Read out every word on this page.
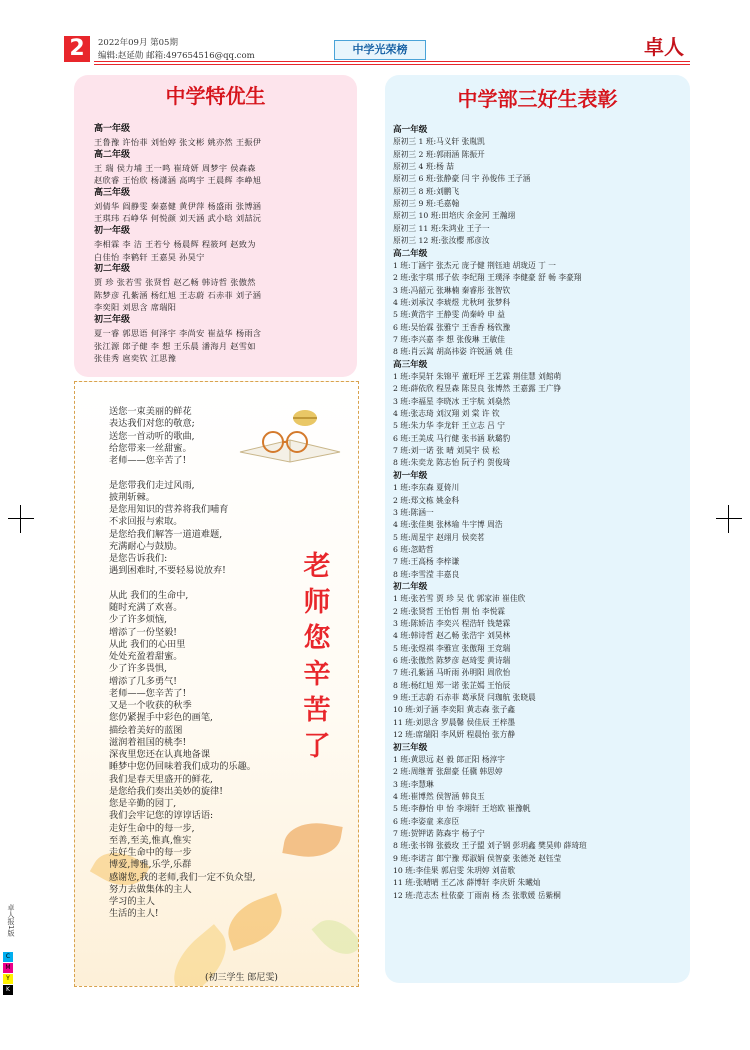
2	2022年09月 第05期
编辑:赵延勋 邮箱:497654516@qq.com	中学光荣榜	卓人
中学特优生
高一年级
王鲁豫 许怡菲 刘怡婷 张文彬 姚亦然 王振伊
高二年级
王 瑞 侯力埔 王一鸣 崔琦妍 周梦宇 侯森森
赵欣睿 王怡欣 杨潇涵 高鸣宇 王晨辉 李峥旭
高三年级
刘倩华 阎静雯 秦嘉健 黄伊萍 杨盛雨 张博涵
王琪玮 石峥华 何悦颜 刘天涵 武小晗 刘喆沅
初一年级
李相霖 李 洁 王若兮 杨晨辉 程筱珂 赵致为
白佳怡 李鹤轩 王嘉昊 孙昊宁
初二年级
贾 珍 张若雪 张贤哲 赵乙畅 韩诗哲 张傲然
陈梦彦 孔紫涵 杨红旭 王志蔚 石赤菲 刘子涵
李奕阳 刘思含 席瑞阳
初三年级
夏一睿 郭思语 何泽宇 李尚安 崔益华 杨雨含
张江源 郎子健 李 想 王乐晨 潘海月 赵雪如
张佳秀 扈奕钦 江思豫
送您一束美丽的鲜花
表达我们对您的敬意;
送您一首动听的歌曲,
给您带来一丝甜蜜。
老师——您辛苦了!
是您带我们走过风雨,
披荆斩棘。
是您用知识的营养将我们哺育
不求回报与索取。
是您给我们解答一道道难题,
充满耐心与鼓励。
是您告诉我们:
遇到困难时,不要轻易说放弃!
从此 我们的生命中,
随时充满了欢喜。
少了许多烦恼,
增添了一份坚毅!
从此 我们的心田里
处处充盈着甜蜜。
少了许多畏惧,
增添了几多勇气!
老师——您辛苦了!
又是一个收获的秋季
您仍紧握手中彩色的画笔,
描绘着美好的蓝图
滋润着祖国的桃李!
深夜里您还在认真地备课
睡梦中您仍回味着我们成功的乐趣。
我们是春天里盛开的鲜花,
是您给我们奏出美妙的旋律!
您是辛勤的园丁,
我们会牢记您的谆谆话语:
走好生命中的每一步,
至善,至美,惟真,惟实
走好生命中的每一步
博爱,博雅,乐学,乐群
感谢您,我的老师,我们一定不负众望,
努力去做集体的主人
学习的主人
生活的主人!
老
师
您
辛
苦
了
(初三学生 郎尼雯)
中学部三好生表彰
高一年级
原初三 1 班:马义轩 张胤凯
原初三 2 班:郭雨涵 陈振开
原初三 4 班:杨 喆
原初三 6 班:张静豪 闫 宇 孙俊伟 王子涵
原初三 8 班:刘鹏飞
原初三 9 班:毛嘉翰
原初三 10 班:田培庆 余金河 王瀚翊
原初三 11 班:朱鸿业 王子一
原初三 12 班:张汝樱 邢彦汝
高二年级
1 班:丁涵宇 张杰元 庞子健 荆钰迪 胡珑迈 丁 一
2 班:张宇琪 邢子依 李纪翔 王璞泽 李健豪 舒 畅 李豪翔
3 班:冯韶元 张琳楠 秦睿彤 张智钦
4 班:刘承汉 李琥煜 尤秋珂 张梦科
5 班:黄浩宇 王静雯 尚秦岭 申 益
6 班:吴怡霖 张雅宁 王香香 杨钦豫
7 班:李兴嘉 李 想 张俊琳 王敏佳
8 班:肖云嵩 胡高祎姿 许锐涵 姚 佳
高三年级
1 班:李昊轩 朱锦平 董旺坪 王艺霖 荆佳慧 刘館萌
2 班:薛依欣 程昱森 陈昱良 张博然 王嘉露 王广铮
3 班:李福星 李晓冰 王宇航 刘燊然
4 班:张志琦 刘汉翔 刘 棠 许 钦
5 班:朱力华 李龙轩 王立志 吕 宁
6 班:王美成 马行健 张书涵 耿璐豹
7 班:刘一诺 张 晴 刘昊宇 侯 松
8 班:朱奕龙 陈志怡 阮子杓 贺俊琦
初一年级
1 班:李东森 夏倚川
2 班:郑文栋 姚金科
3 班:陈涵一
4 班:张佳奥 张林瑜 牛宇博 周浩
5 班:周星宇 赵翊月 侯奕茗
6 班:忽皓哲
7 班:王高杨 李梓谦
8 班:李雪滢 丰嘉良
初二年级
1 班:张若雪 贾 珍 吴 优 郭家沛 崔佳欣
2 班:张贤哲 王怡哲 荆 怡 李悦霖
3 班:陈娇洁 李奕兴 程浩轩 钱楚霖
4 班:韩诗哲 赵乙畅 张浩宇 刘昊林
5 班:张煜祺 李雅宣 张傲翔 王竞瑞
6 班:张傲然 陈梦彦 赵琦雯 黄诗瑞
7 班:孔紫涵 马昕雨 孙明阳 周欣怡
8 班:杨红旭 郑一诺 张芷嫣 王怡辰
9 班:王志蔚 石赤菲 葛承贤 闫珈航 张晓晨
10 班:刘子涵 李奕阳 黄志森 张子鑫
11 班:刘思含 罗晨馨 侯佳辰 王梓墨
12 班:席瑞阳 李风妍 程晨怡 张方静
初三年级
1 班:黄思远 赵 毅 郎正阳 杨淳宇
2 班:周继菁 张甜豪 任骥 韩思婷
3 班:李慧琳
4 班:崔博然 侯智涵 韩良玉
5 班:李静怡 申 怡 李翊轩 王培欧 崔豫帆
6 班:李姿童 来彦臣
7 班:贺钾诺 陈森宇 杨子宁
8 班:张书锦 张毅玫 王子盟 刘子钢 彭玥鑫 樊昊帅 薛琦瑄
9 班:李诺言 郎宁豫 郑淑娟 侯智豪 张德尧 赵钰莹
10 班:李佳果 郭启雯 朱玥婷 刘苗歌
11 班:张晴晴 王乙冰 薛博轩 李庆妍 朱曦灿
12 班:范志杰 杜依豪 丁雨南 杨 杰 张歌媛 岳紫桐
卓人报1版
C
M
Y
K
